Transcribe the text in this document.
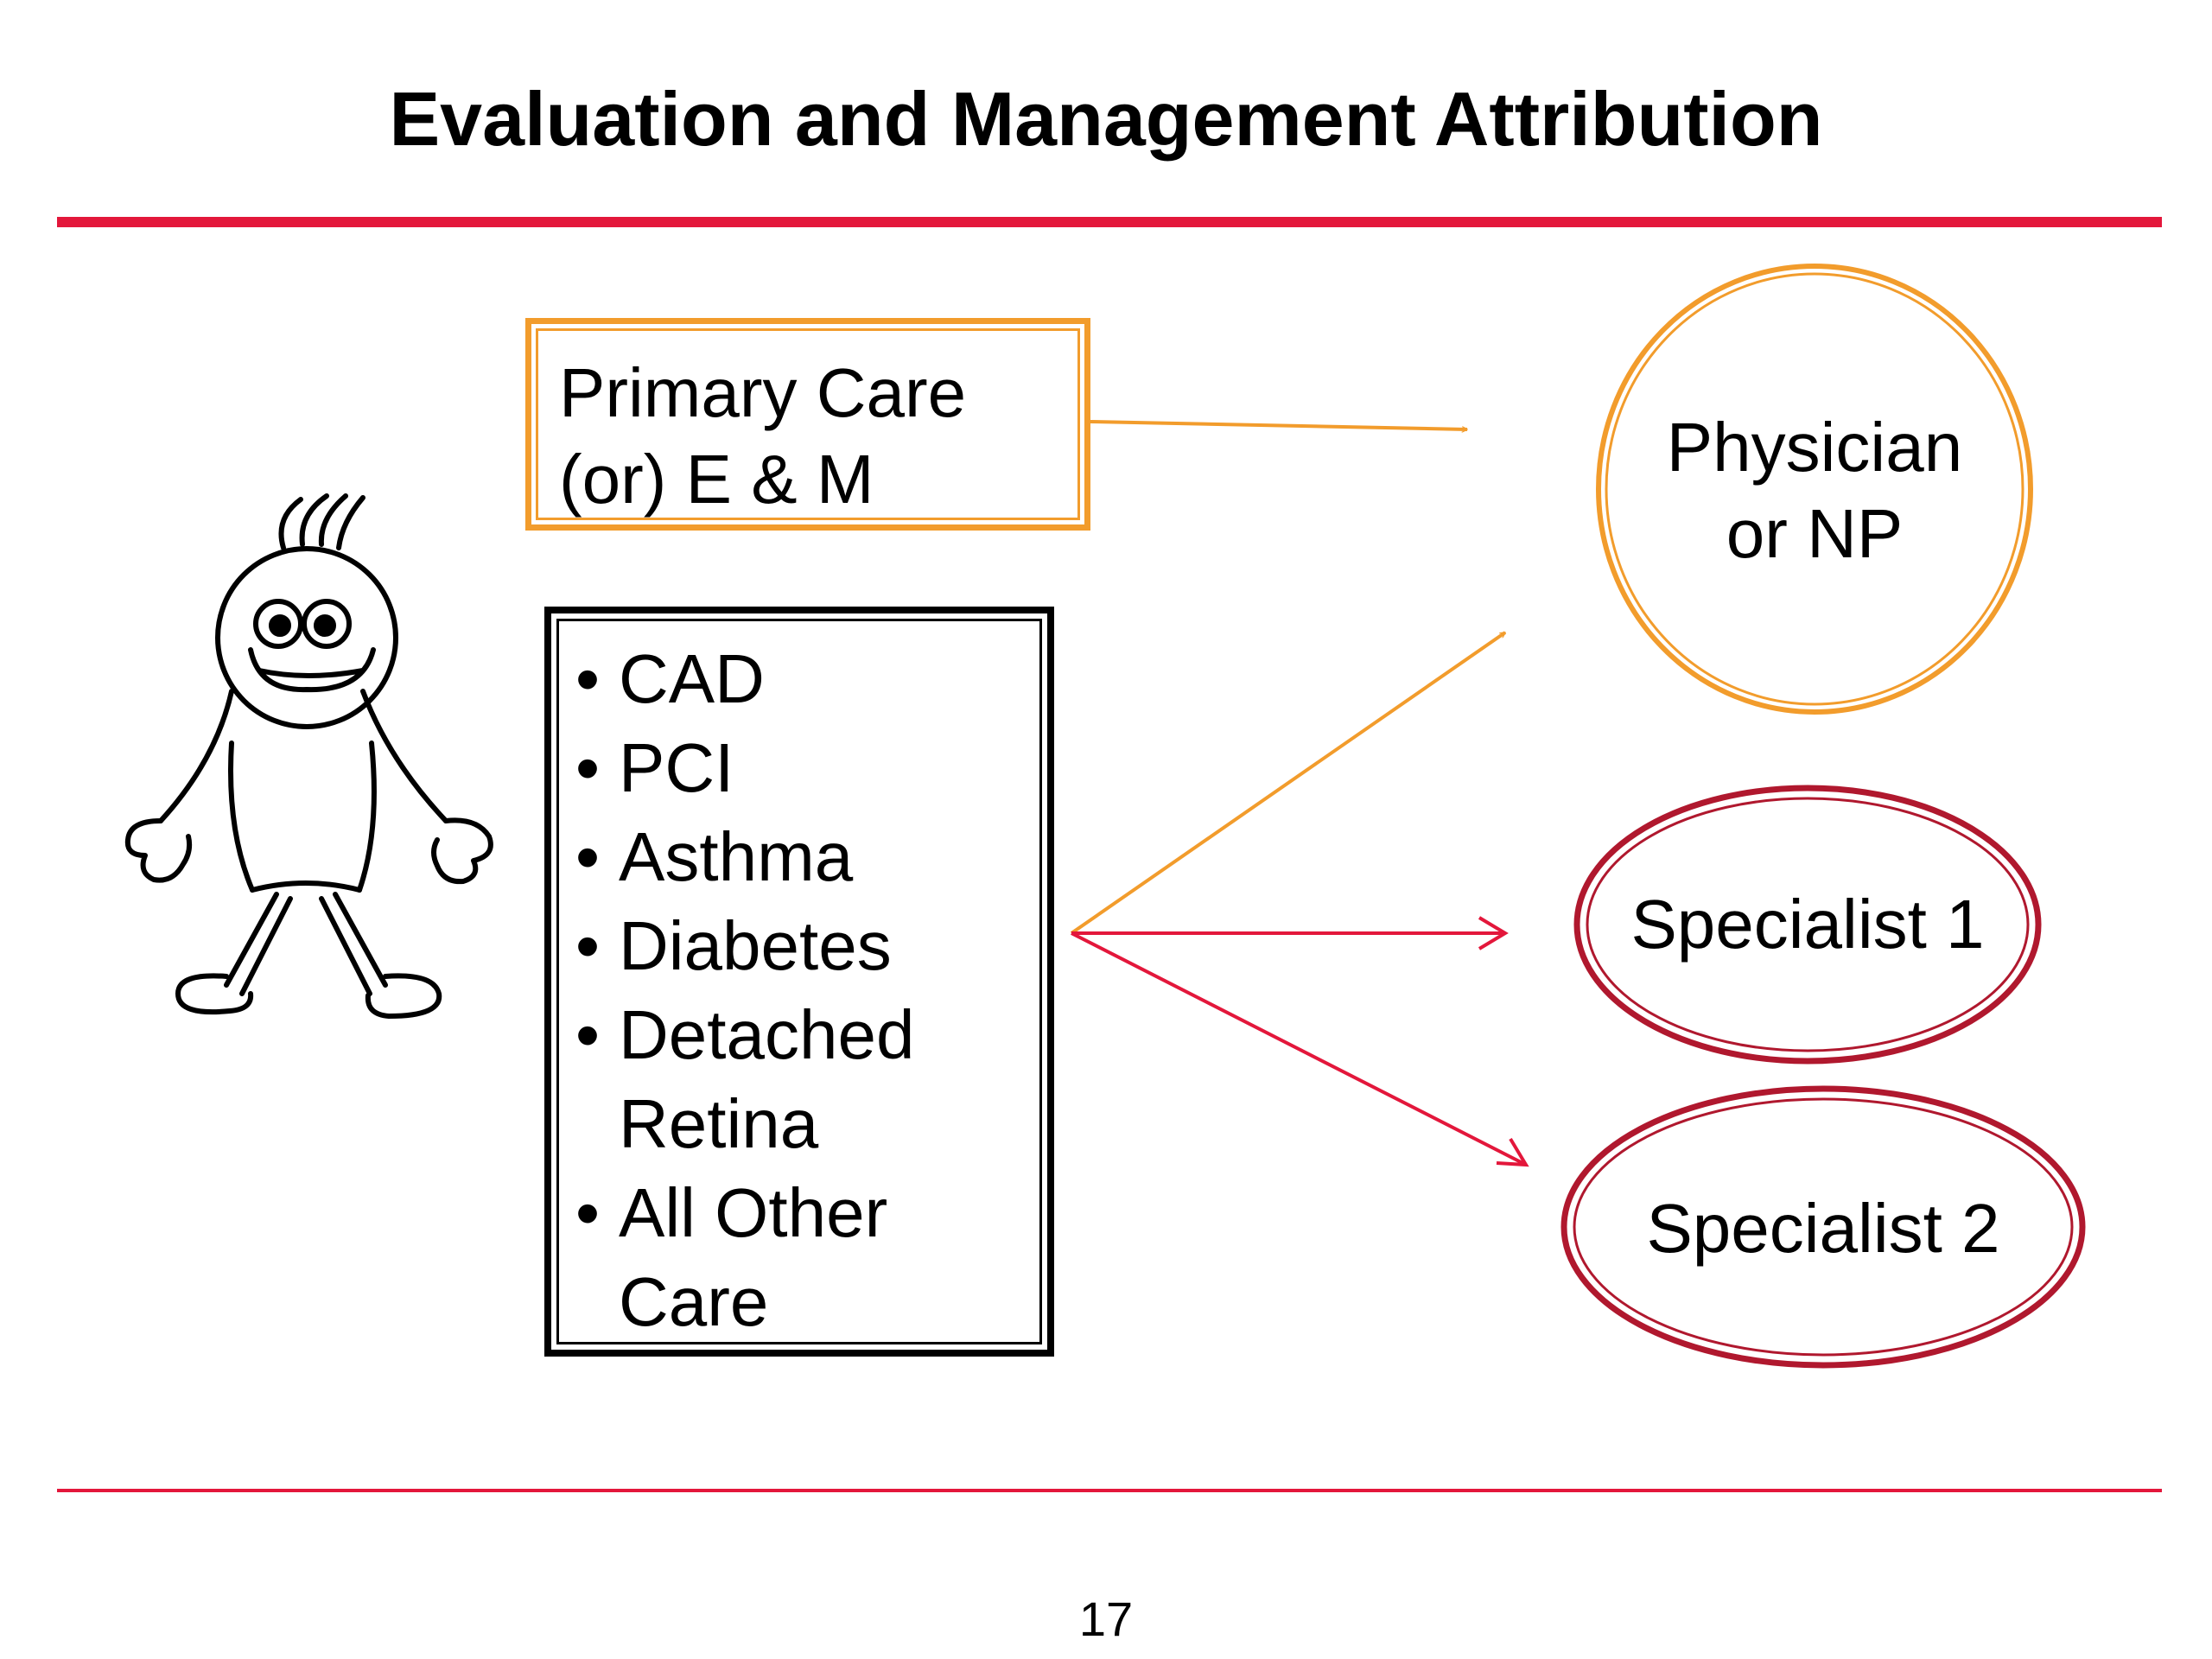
Evaluation and Management Attribution
Primary Care
(or) E & M
• CAD
• PCI
• Asthma
• Diabetes
• Detached Retina
• All Other Care
Physician
or NP
Specialist 1
Specialist 2
17
